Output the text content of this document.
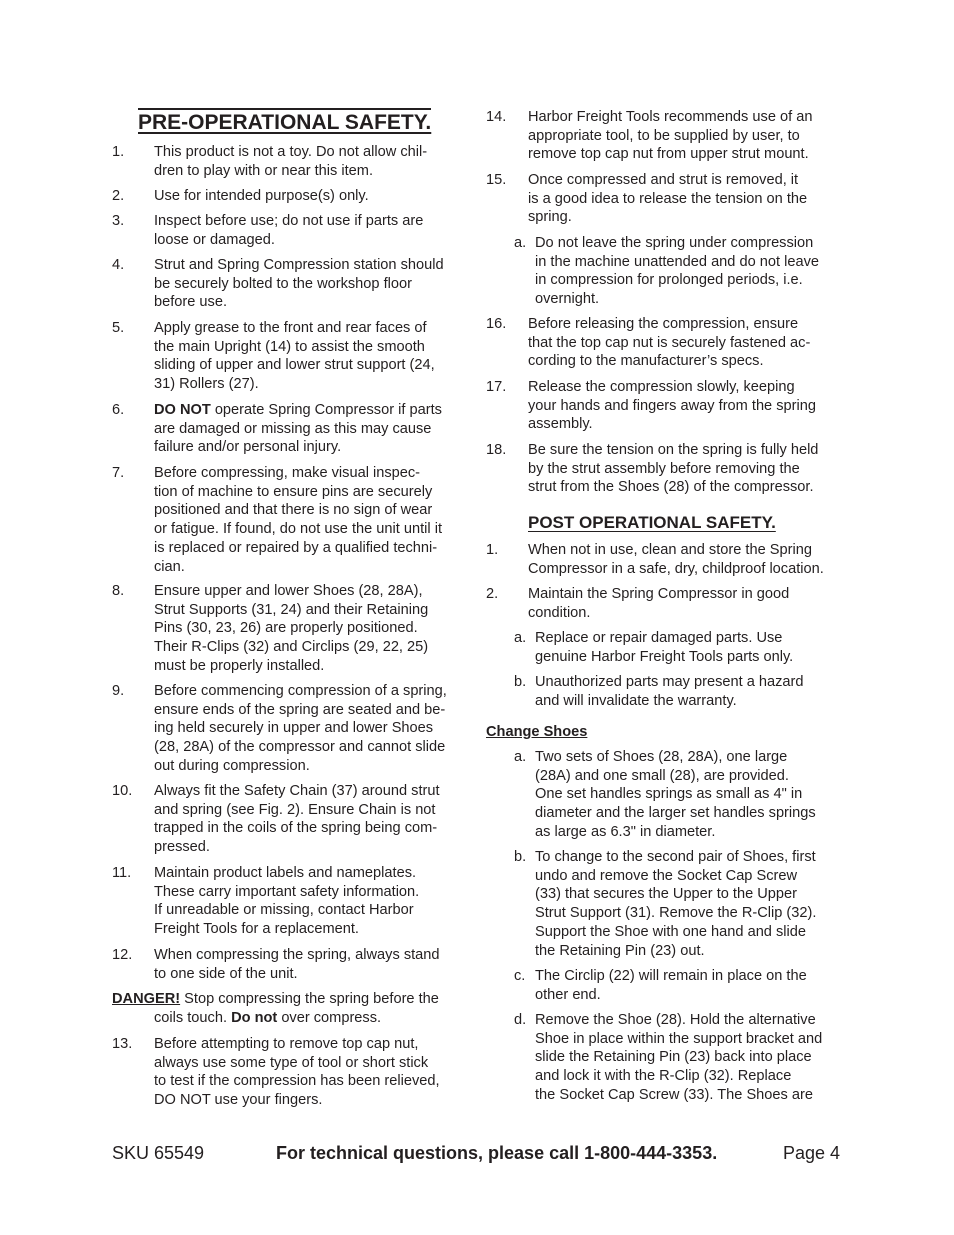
PRE-OPERATIONAL SAFETY.
1. This product is not a toy. Do not allow chil-
dren to play with or near this item.
2. Use for intended purpose(s) only.
3. Inspect before use; do not use if parts are
loose or damaged.
4. Strut and Spring Compression station should
be securely bolted to the workshop floor
before use.
5. Apply grease to the front and rear faces of
the main Upright (14) to assist the smooth
sliding of upper and lower strut support (24,
31) Rollers (27).
6. DO NOT operate Spring Compressor if parts
are damaged or missing as this may cause
failure and/or personal injury.
7. Before compressing, make visual inspec-
tion of machine to ensure pins are securely
positioned and that there is no sign of wear
or fatigue. If found, do not use the unit until it
is replaced or repaired by a qualified techni-
cian.
8. Ensure upper and lower Shoes (28, 28A),
Strut Supports (31, 24) and their Retaining
Pins (30, 23, 26) are properly positioned.
Their R-Clips (32) and Circlips (29, 22, 25)
must be properly installed.
9. Before commencing compression of a spring,
ensure ends of the spring are seated and be-
ing held securely in upper and lower Shoes
(28, 28A) of the compressor and cannot slide
out during compression.
10. Always fit the Safety Chain (37) around strut
and spring (see Fig. 2). Ensure Chain is not
trapped in the coils of the spring being com-
pressed.
11. Maintain product labels and nameplates.
These carry important safety information.
If unreadable or missing, contact Harbor
Freight Tools for a replacement.
12. When compressing the spring, always stand
to one side of the unit.
DANGER! Stop compressing the spring before the
coils touch. Do not over compress.
13. Before attempting to remove top cap nut,
always use some type of tool or short stick
to test if the compression has been relieved,
DO NOT use your fingers.
14. Harbor Freight Tools recommends use of an
appropriate tool, to be supplied by user, to
remove top cap nut from upper strut mount.
15. Once compressed and strut is removed, it
is a good idea to release the tension on the
spring.
a. Do not leave the spring under compression
in the machine unattended and do not leave
in compression for prolonged periods, i.e.
overnight.
16. Before releasing the compression, ensure
that the top cap nut is securely fastened ac-
cording to the manufacturer’s specs.
17. Release the compression slowly, keeping
your hands and fingers away from the spring
assembly.
18. Be sure the tension on the spring is fully held
by the strut assembly before removing the
strut from the Shoes (28) of the compressor.
POST OPERATIONAL SAFETY.
1. When not in use, clean and store the Spring
Compressor in a safe, dry, childproof location.
2. Maintain the Spring Compressor in good
condition.
a. Replace or repair damaged parts. Use
genuine Harbor Freight Tools parts only.
b. Unauthorized parts may present a hazard
and will invalidate the warranty.
Change Shoes
a. Two sets of Shoes (28, 28A), one large
(28A) and one small (28), are provided.
One set handles springs as small as 4" in
diameter and the larger set handles springs
as large as 6.3" in diameter.
b. To change to the second pair of Shoes, first
undo and remove the Socket Cap Screw
(33) that secures the Upper to the Upper
Strut Support (31). Remove the R-Clip (32).
Support the Shoe with one hand and slide
the Retaining Pin (23) out.
c. The Circlip (22) will remain in place on the
other end.
d. Remove the Shoe (28). Hold the alternative
Shoe in place within the support bracket and
slide the Retaining Pin (23) back into place
and lock it with the R-Clip (32). Replace
the Socket Cap Screw (33). The Shoes are
SKU 65549	For technical questions, please call 1-800-444-3353.	Page 4
